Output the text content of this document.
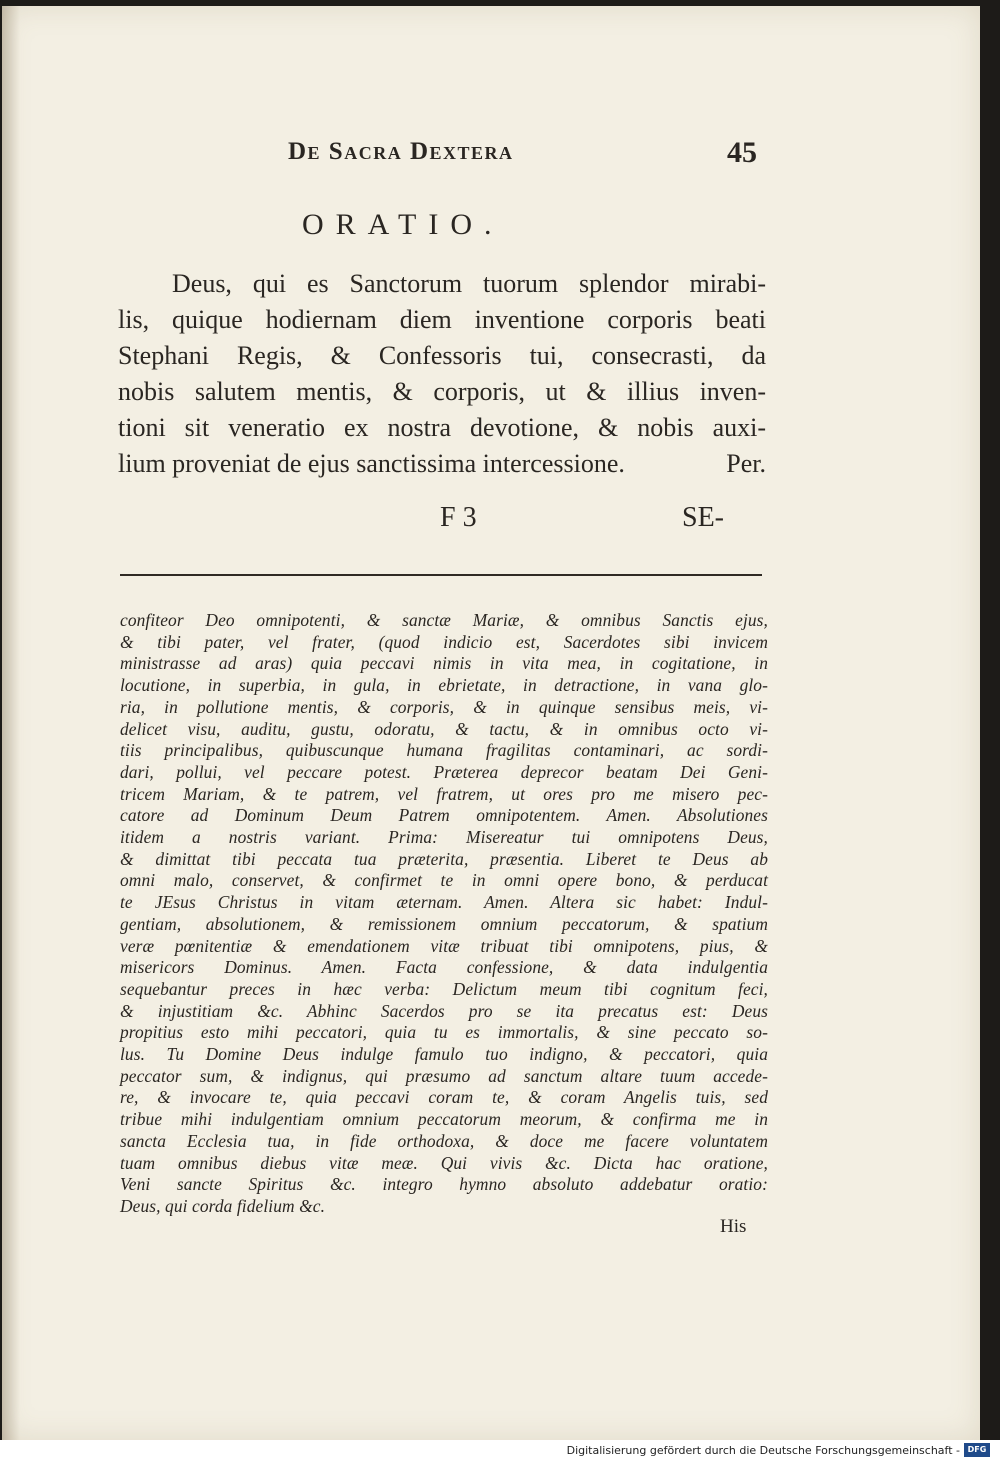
De Sacra Dextera	45
ORATIO.
Deus, qui es Sanctorum tuorum splendor mirabi-
lis, quique hodiernam diem inventione corporis beati
Stephani Regis, & Confessoris tui, consecrasti, da
nobis salutem mentis, & corporis, ut & illius inven-
tioni sit veneratio ex nostra devotione, & nobis auxi-
lium proveniat de ejus sanctissima intercessione.	Per.
F 3	SE-
confiteor Deo omnipotenti, & sanctæ Mariæ, & omnibus Sanctis ejus,
& tibi pater, vel frater, (quod indicio est, Sacerdotes sibi invicem
ministrasse ad aras) quia peccavi nimis in vita mea, in cogitatione, in
locutione, in superbia, in gula, in ebrietate, in detractione, in vana glo-
ria, in pollutione mentis, & corporis, & in quinque sensibus meis, vi-
delicet visu, auditu, gustu, odoratu, & tactu, & in omnibus octo vi-
tiis principalibus, quibuscunque humana fragilitas contaminari, ac sordi-
dari, pollui, vel peccare potest. Præterea deprecor beatam Dei Geni-
tricem Mariam, & te patrem, vel fratrem, ut ores pro me misero pec-
catore ad Dominum Deum Patrem omnipotentem. Amen. Absolutiones
itidem a nostris variant. Prima: Misereatur tui omnipotens Deus,
& dimittat tibi peccata tua præterita, præsentia. Liberet te Deus ab
omni malo, conservet, & confirmet te in omni opere bono, & perducat
te JEsus Christus in vitam æternam. Amen. Altera sic habet: Indul-
gentiam, absolutionem, & remissionem omnium peccatorum, & spatium
veræ pœnitentiæ & emendationem vitæ tribuat tibi omnipotens, pius, &
misericors Dominus. Amen. Facta confessione, & data indulgentia
sequebantur preces in hæc verba: Delictum meum tibi cognitum feci,
& injustitiam &c. Abhinc Sacerdos pro se ita precatus est: Deus
propitius esto mihi peccatori, quia tu es immortalis, & sine peccato so-
lus. Tu Domine Deus indulge famulo tuo indigno, & peccatori, quia
peccator sum, & indignus, qui præsumo ad sanctum altare tuum accede-
re, & invocare te, quia peccavi coram te, & coram Angelis tuis, sed
tribue mihi indulgentiam omnium peccatorum meorum, & confirma me in
sancta Ecclesia tua, in fide orthodoxa, & doce me facere voluntatem
tuam omnibus diebus vitæ meæ. Qui vivis &c. Dicta hac oratione,
Veni sancte Spiritus &c. integro hymno absoluto addebatur oratio:
Deus, qui corda fidelium &c.
His
Digitalisierung gefördert durch die Deutsche Forschungsgemeinschaft - DFG
